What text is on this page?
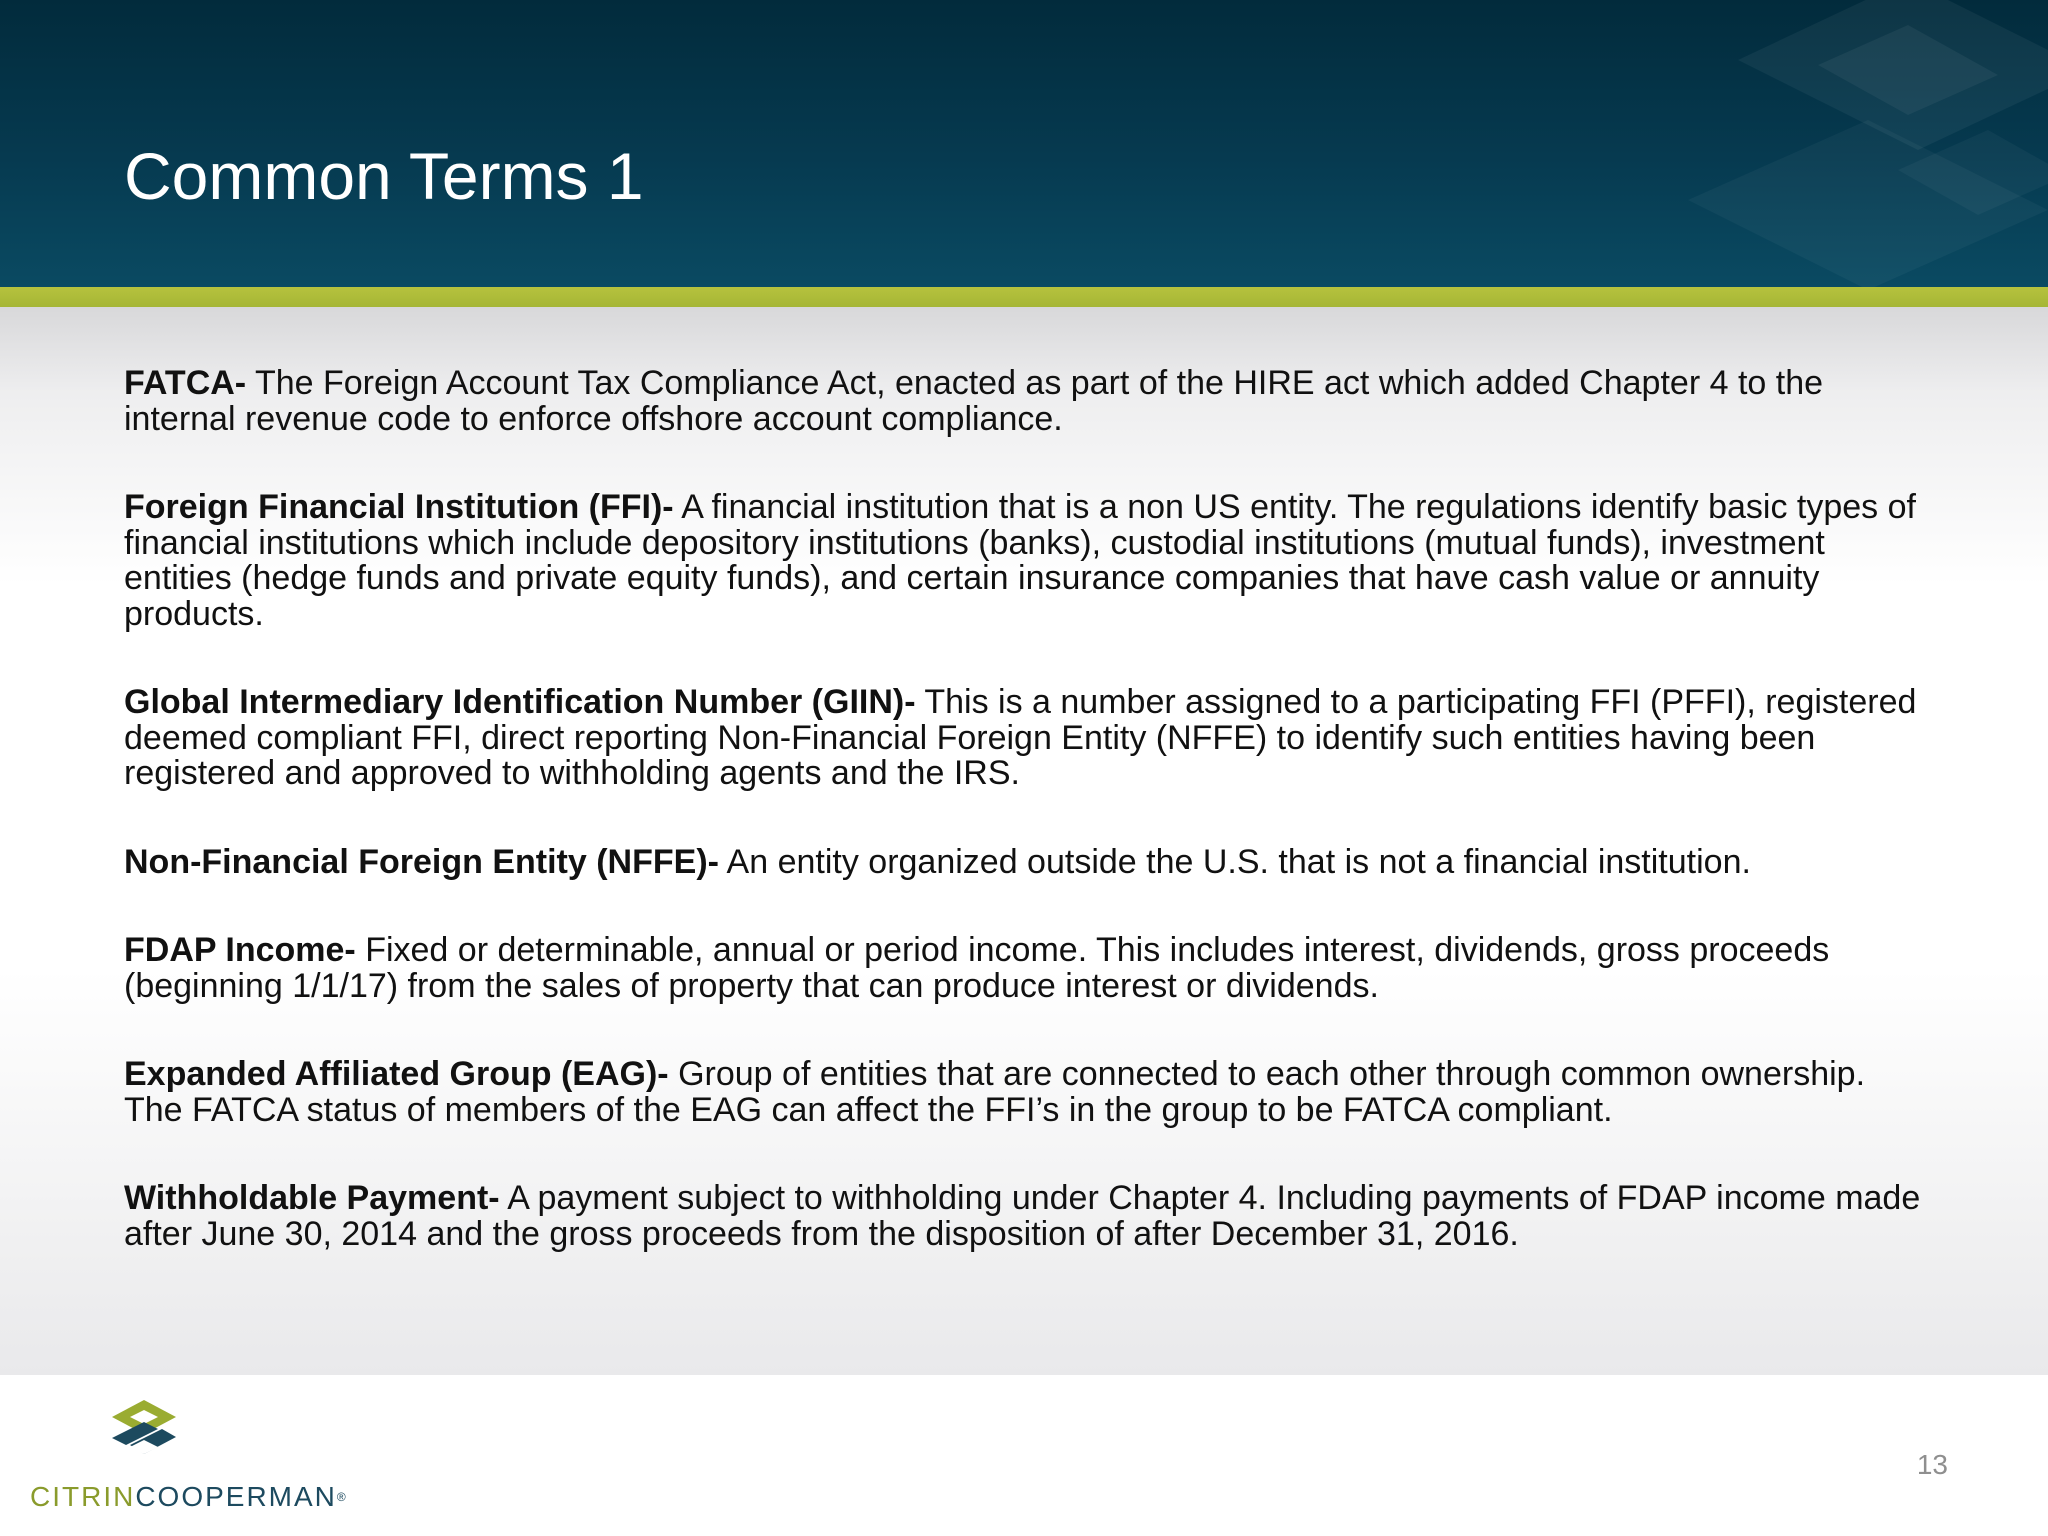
Common Terms 1

FATCA- The Foreign Account Tax Compliance Act, enacted as part of the HIRE act which added Chapter 4 to the internal revenue code to enforce offshore account compliance.

Foreign Financial Institution (FFI)- A financial institution that is a non US entity. The regulations identify basic types of financial institutions which include depository institutions (banks), custodial institutions (mutual funds), investment entities (hedge funds and private equity funds), and certain insurance companies that have cash value or annuity products.

Global Intermediary Identification Number (GIIN)- This is a number assigned to a participating FFI (PFFI), registered deemed compliant FFI, direct reporting Non-Financial Foreign Entity (NFFE) to identify such entities having been registered and approved to withholding agents and the IRS.

Non-Financial Foreign Entity (NFFE)- An entity organized outside the U.S. that is not a financial institution.

FDAP Income- Fixed or determinable, annual or period income. This includes interest, dividends, gross proceeds (beginning 1/1/17) from the sales of property that can produce interest or dividends.

Expanded Affiliated Group (EAG)- Group of entities that are connected to each other through common ownership. The FATCA status of members of the EAG can affect the FFI’s in the group to be FATCA compliant.

Withholdable Payment- A payment subject to withholding under Chapter 4. Including payments of FDAP income made after June 30, 2014 and the gross proceeds from the disposition of after December 31, 2016.

CITRINCOOPERMAN®
13
